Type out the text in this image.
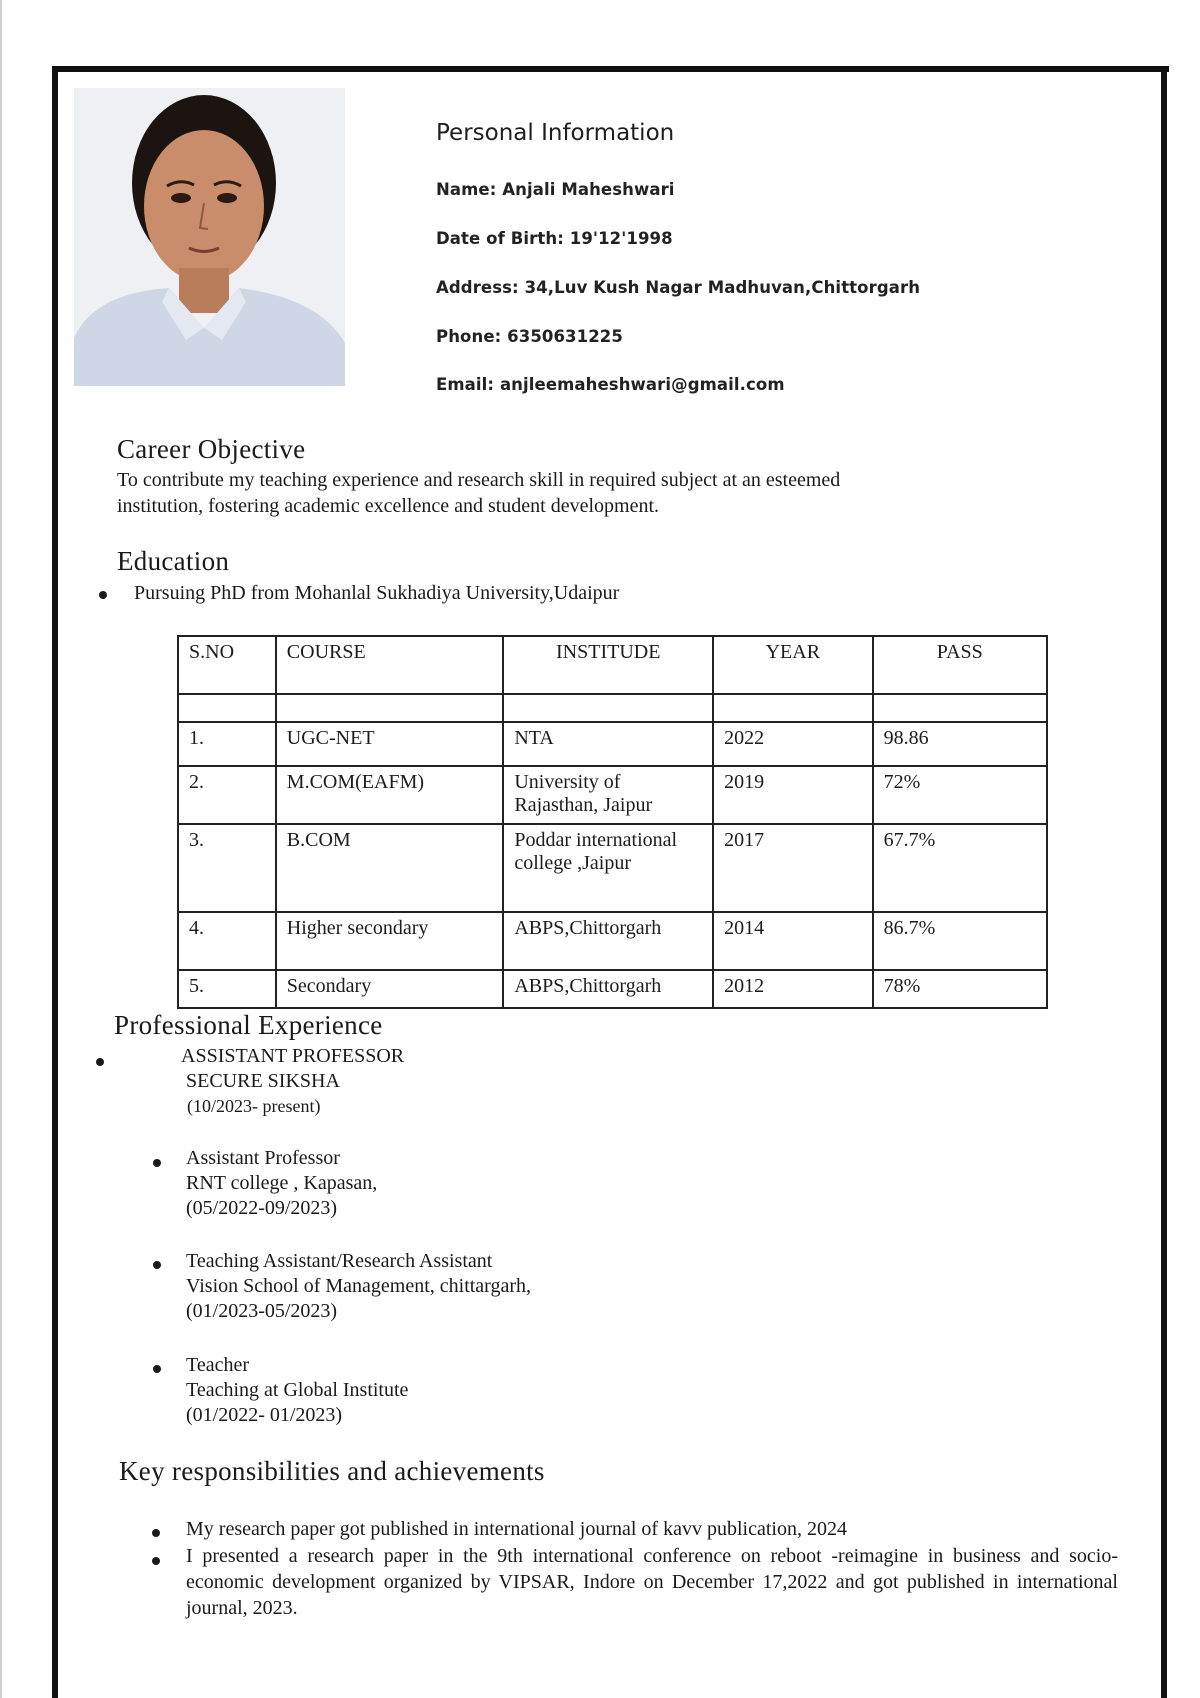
Personal Information
Name: Anjali Maheshwari
Date of Birth: 19'12'1998
Address: 34,Luv Kush Nagar Madhuvan,Chittorgarh
Phone: 6350631225
Email: anjleemaheshwari@gmail.com
Career Objective
To contribute my teaching experience and research skill in required subject at an esteemed
institution, fostering academic excellence and student development.
Education
Pursuing PhD from Mohanlal Sukhadiya University,Udaipur
S.NO	COURSE	INSTITUDE	YEAR	PASS

1.	UGC-NET	NTA	2022	98.86
2.	M.COM(EAFM)	University of Rajasthan, Jaipur	2019	72%
3.	B.COM	Poddar international college ,Jaipur	2017	67.7%
4.	Higher secondary	ABPS,Chittorgarh	2014	86.7%
5.	Secondary	ABPS,Chittorgarh	2012	78%
Professional Experience
ASSISTANT PROFESSOR
SECURE SIKSHA
(10/2023- present)
Assistant Professor
RNT college , Kapasan,
(05/2022-09/2023)
Teaching Assistant/Research Assistant
Vision School of Management, chittargarh,
(01/2023-05/2023)
Teacher
Teaching at Global Institute
(01/2022- 01/2023)
Key responsibilities and achievements
My research paper got published in international journal of kavv publication, 2024
I presented a research paper in the 9th international conference on reboot -reimagine in business and socio-economic development organized by VIPSAR, Indore on December 17,2022 and got published in international journal, 2023.
